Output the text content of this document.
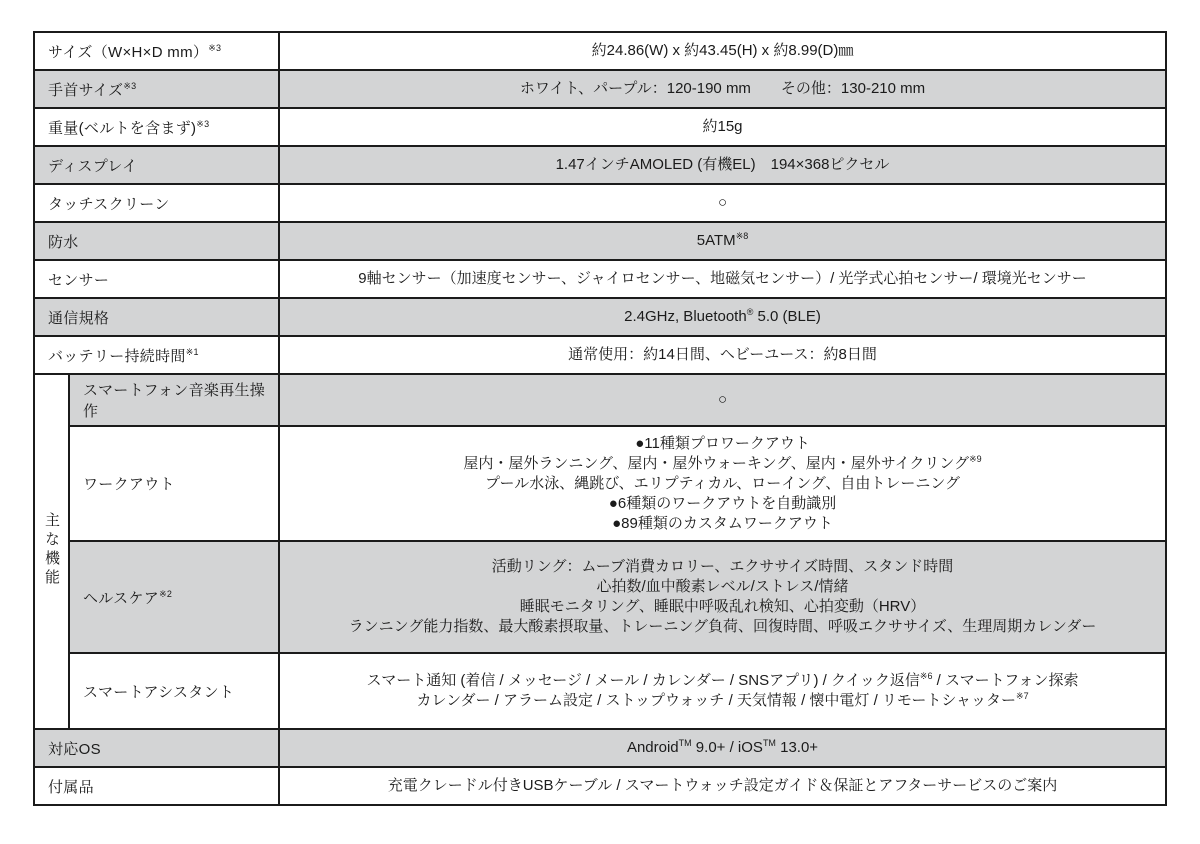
サイズ（W×H×D mm）$^{※3}$		約24.86(W) x 約43.45(H) x 約8.99(D)㎜

手首サイズ$^{※3}$		ホワイト、パープル：120-190 mm　　その他：130-210 mm

重量(ベルトを含まず)$^{※3}$		約15g

ディスプレイ		1.47インチAMOLED (有機EL)　194×368ピクセル

タッチスクリーン		○

防水		5ATM$^{※8}$

センサー		9軸センサー（加速度センサー、ジャイロセンサー、地磁気センサー）/ 光学式心拍センサー/ 環境光センサー

通信規格		2.4GHz, Bluetooth® 5.0 (BLE)

バッテリー持続時間$^{※1}$		通常使用：約14日間、ヘビーユース：約8日間

主な機能	スマートフォン音楽再生操作	○

	ワークアウト	●11種類プロワークアウト
屋内・屋外ランニング、屋内・屋外ウォーキング、屋内・屋外サイクリング$^{※9}$
プール水泳、縄跳び、エリプティカル、ローイング、自由トレーニング
●6種類のワークアウトを自動識別
●89種類のカスタムワークアウト

	ヘルスケア$^{※2}$	活動リング：ムーブ消費カロリー、エクササイズ時間、スタンド時間
心拍数/血中酸素レベル/ストレス/情緒
睡眠モニタリング、睡眠中呼吸乱れ検知、心拍変動（HRV）
ランニング能力指数、最大酸素摂取量、トレーニング負荷、回復時間、呼吸エクササイズ、生理周期カレンダー

	スマートアシスタント	スマート通知 (着信 / メッセージ / メール / カレンダー / SNSアプリ) / クイック返信$^{※6}$ / スマートフォン探索
カレンダー / アラーム設定 / ストップウォッチ / 天気情報 / 懐中電灯 / リモートシャッター$^{※7}$

対応OS		Android™ 9.0+ / iOS™ 13.0+

付属品		充電クレードル付きUSBケーブル / スマートウォッチ設定ガイド＆保証とアフターサービスのご案内
